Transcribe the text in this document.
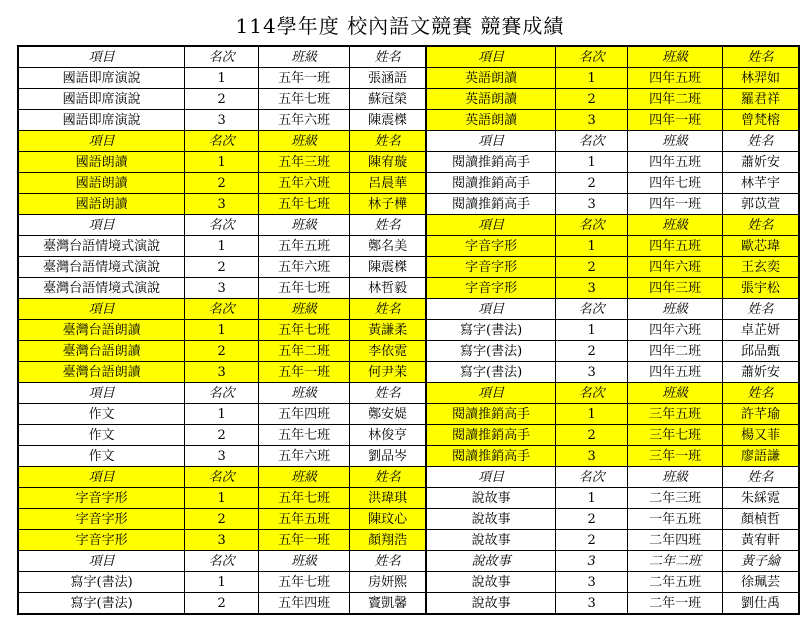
114學年度 校內語文競賽 競賽成績
項目	名次	班級	姓名	項目	名次	班級	姓名
國語即席演說	1	五年一班	張涵語	英語朗讀	1	四年五班	林羿如
國語即席演說	2	五年七班	蘇冠榮	英語朗讀	2	四年二班	羅君祥
國語即席演說	3	五年六班	陳震榤	英語朗讀	3	四年一班	曾梵榕
項目	名次	班級	姓名	項目	名次	班級	姓名
國語朗讀	1	五年三班	陳宥璇	閱讀推銷高手	1	四年五班	蕭妡安
國語朗讀	2	五年六班	呂晨華	閱讀推銷高手	2	四年七班	林芊宇
國語朗讀	3	五年七班	林子樺	閱讀推銷高手	3	四年一班	郭苡萱
項目	名次	班級	姓名	項目	名次	班級	姓名
臺灣台語情境式演說	1	五年五班	鄭名美	字音字形	1	四年五班	歐芯瑋
臺灣台語情境式演說	2	五年六班	陳震榤	字音字形	2	四年六班	王玄奕
臺灣台語情境式演說	3	五年七班	林哲毅	字音字形	3	四年三班	張宇松
項目	名次	班級	姓名	項目	名次	班級	姓名
臺灣台語朗讀	1	五年七班	黃謙柔	寫字(書法)	1	四年六班	卓芷妍
臺灣台語朗讀	2	五年二班	李依霓	寫字(書法)	2	四年二班	邱品甄
臺灣台語朗讀	3	五年一班	何尹茉	寫字(書法)	3	四年五班	蕭妡安
項目	名次	班級	姓名	項目	名次	班級	姓名
作文	1	五年四班	鄭安媞	閱讀推銷高手	1	三年五班	許芊瑜
作文	2	五年七班	林俊亨	閱讀推銷高手	2	三年七班	楊又菲
作文	3	五年六班	劉品岑	閱讀推銷高手	3	三年一班	廖語謙
項目	名次	班級	姓名	項目	名次	班級	姓名
字音字形	1	五年七班	洪瑋琪	說故事	1	二年三班	朱綵霓
字音字形	2	五年五班	陳玟心	說故事	2	一年五班	顏楨哲
字音字形	3	五年一班	顏翔浩	說故事	2	二年四班	黃宥軒
項目	名次	班級	姓名	說故事	3	二年二班	黃子綸
寫字(書法)	1	五年七班	房妍熙	說故事	3	二年五班	徐珮芸
寫字(書法)	2	五年四班	竇凱馨	說故事	3	二年一班	劉仕禹
